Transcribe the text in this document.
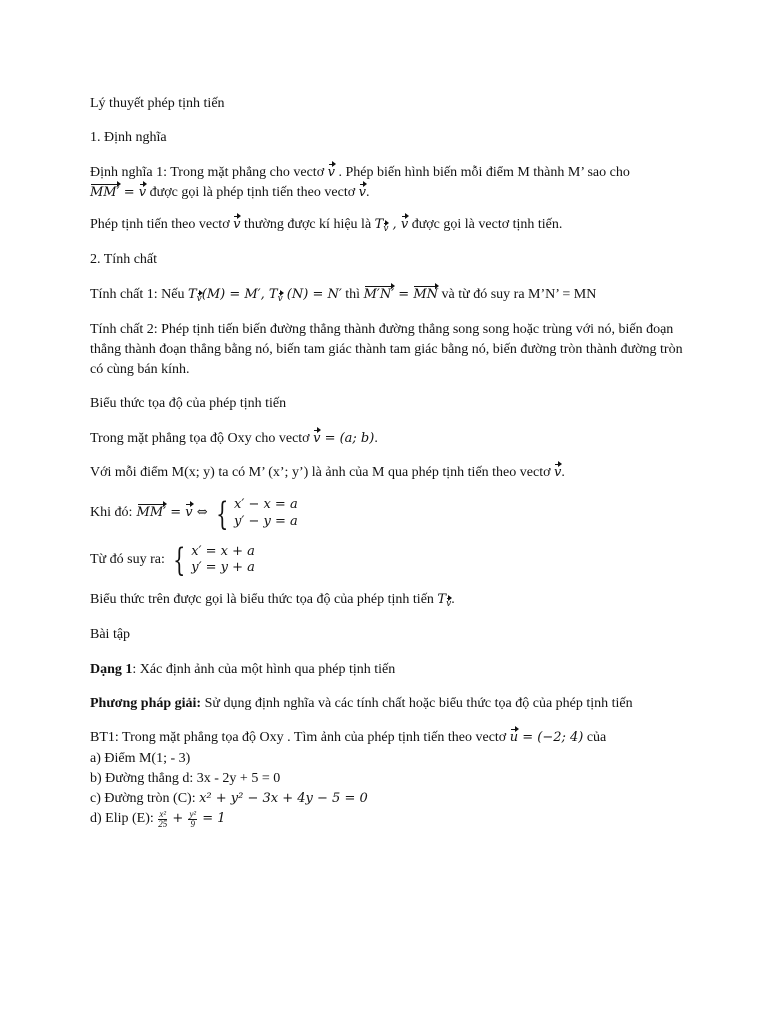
Lý thuyết phép tịnh tiến

1. Định nghĩa

Định nghĩa 1: Trong mặt phẳng cho vectơ v . Phép biến hình biến mỗi điểm M thành M’ sao cho
MM′ = v được gọi là phép tịnh tiến theo vectơ v.

Phép tịnh tiến theo vectơ v thường được kí hiệu là $T_v$ , v được gọi là vectơ tịnh tiến.

2. Tính chất

Tính chất 1: Nếu $T_v(M) = M'$, $T_v$ (N) = N′ thì M′N′ = MN và từ đó suy ra M’N’ = MN

Tính chất 2: Phép tịnh tiến biến đường thẳng thành đường thẳng song song hoặc trùng với nó, biến đoạn thẳng thành đoạn thẳng bằng nó, biến tam giác thành tam giác bằng nó, biến đường tròn thành đường tròn có cùng bán kính.

Biểu thức tọa độ của phép tịnh tiến

Trong mặt phẳng tọa độ Oxy cho vectơ v = (a; b).

Với mỗi điểm M(x; y) ta có M’ (x’; y’) là ảnh của M qua phép tịnh tiến theo vectơ v.

Khi đó: MM′ = v ⇔ { x′ − x = a
y′ − y = a
Từ đó suy ra: { x′ = x + a
y′ = y + a

Biểu thức trên được gọi là biểu thức tọa độ của phép tịnh tiến $T_v$.

Bài tập

Dạng 1: Xác định ảnh của một hình qua phép tịnh tiến

Phương pháp giải: Sử dụng định nghĩa và các tính chất hoặc biểu thức tọa độ của phép tịnh tiến

BT1: Trong mặt phẳng tọa độ Oxy . Tìm ảnh của phép tịnh tiến theo vectơ u = (−2; 4) của

a) Điểm M(1; - 3)

b) Đường thẳng d: 3x - 2y + 5 = 0

c) Đường tròn (C): x² + y² − 3x + 4y − 5 = 0

d) Elip (E): $\frac{\text{x²}}{25} + \frac{\text{y²}}{9} = 1$
